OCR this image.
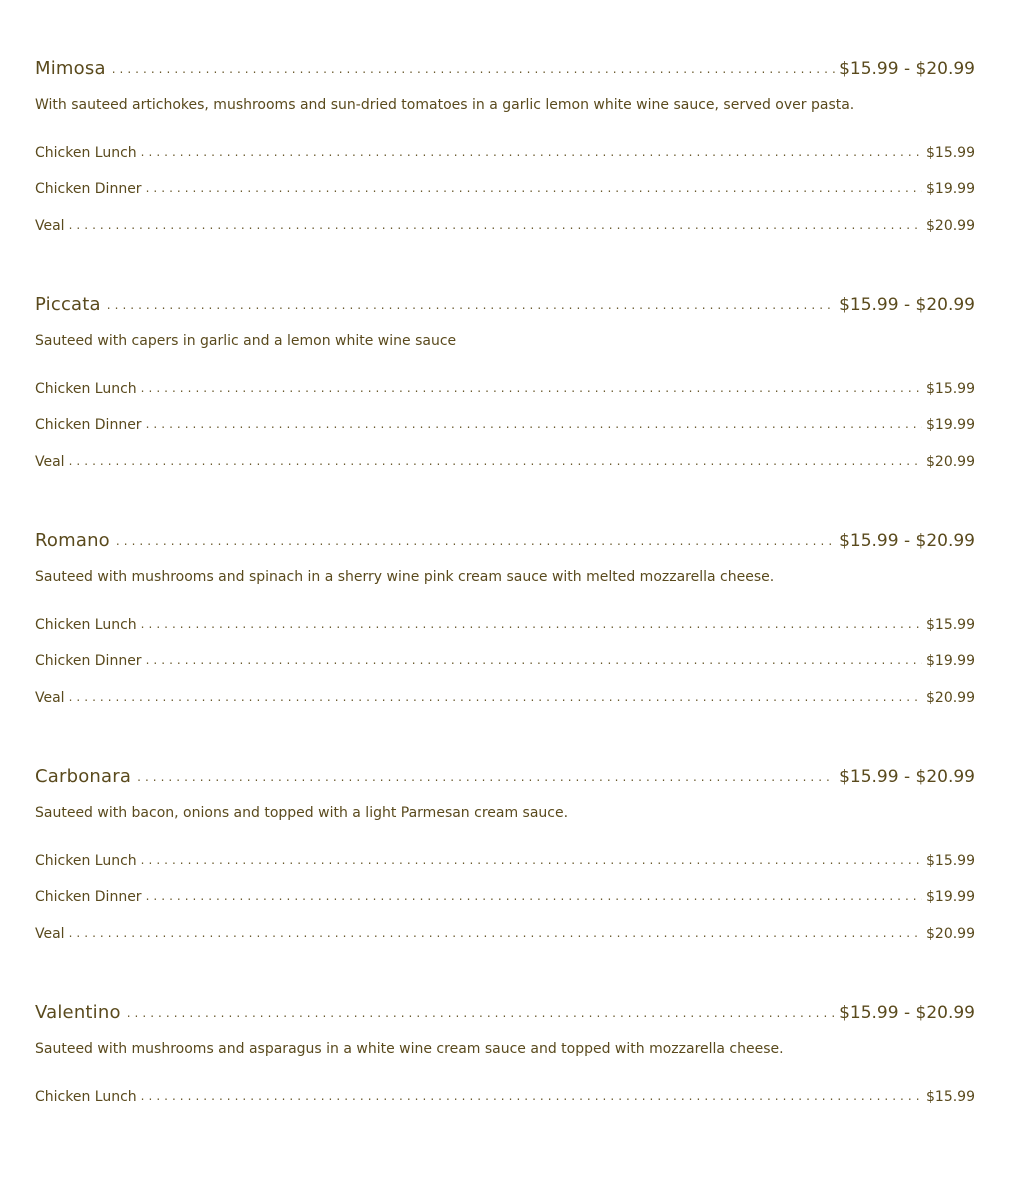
Mimosa . . .	$15.99 - $20.99
With sauteed artichokes, mushrooms and sun-dried tomatoes in a garlic lemon white wine sauce, served over pasta.
Chicken Lunch . . .	$15.99
Chicken Dinner . . .	$19.99
Veal . . .	$20.99
Piccata . . .	$15.99 - $20.99
Sauteed with capers in garlic and a lemon white wine sauce
Chicken Lunch . . .	$15.99
Chicken Dinner . . .	$19.99
Veal . . .	$20.99
Romano . . .	$15.99 - $20.99
Sauteed with mushrooms and spinach in a sherry wine pink cream sauce with melted mozzarella cheese.
Chicken Lunch . . .	$15.99
Chicken Dinner . . .	$19.99
Veal . . .	$20.99
Carbonara . . .	$15.99 - $20.99
Sauteed with bacon, onions and topped with a light Parmesan cream sauce.
Chicken Lunch . . .	$15.99
Chicken Dinner . . .	$19.99
Veal . . .	$20.99
Valentino . . .	$15.99 - $20.99
Sauteed with mushrooms and asparagus in a white wine cream sauce and topped with mozzarella cheese.
Chicken Lunch . . .	$15.99
